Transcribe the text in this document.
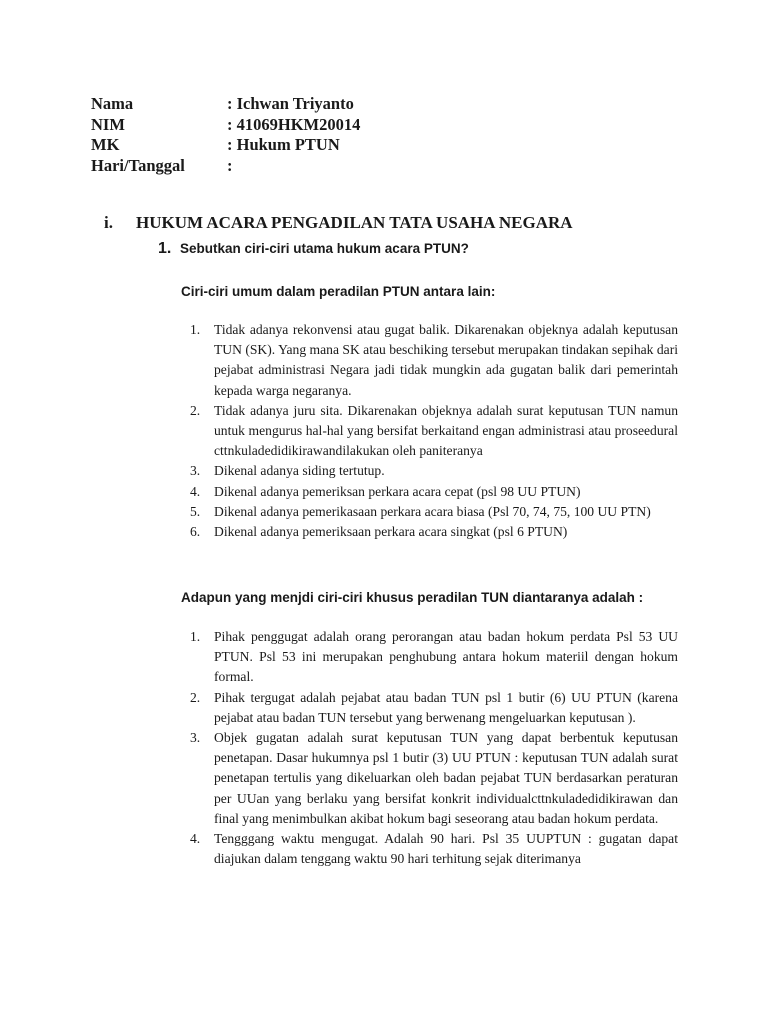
Nama	: Ichwan Triyanto
NIM	: 41069HKM20014
MK	: Hukum PTUN
Hari/Tanggal	:
i. HUKUM ACARA PENGADILAN TATA USAHA NEGARA
1. Sebutkan ciri-ciri utama hukum acara PTUN?
Ciri-ciri umum dalam peradilan PTUN antara lain:
1. Tidak adanya rekonvensi atau gugat balik. Dikarenakan objeknya adalah keputusan TUN (SK). Yang mana SK atau beschiking tersebut merupakan tindakan sepihak dari pejabat administrasi Negara jadi tidak mungkin ada gugatan balik dari pemerintah kepada warga negaranya.
2. Tidak adanya juru sita. Dikarenakan objeknya adalah surat keputusan TUN namun untuk mengurus hal-hal yang bersifat berkaitand engan administrasi atau proseedural cttnkuladedidikirawandilakukan oleh paniteranya
3. Dikenal adanya siding tertutup.
4. Dikenal adanya pemeriksan perkara acara cepat (psl 98 UU PTUN)
5. Dikenal adanya pemerikasaan perkara acara biasa (Psl 70, 74, 75, 100 UU PTN)
6. Dikenal adanya pemeriksaan perkara acara singkat (psl 6 PTUN)
Adapun yang menjdi ciri-ciri khusus peradilan TUN diantaranya adalah :
1. Pihak penggugat adalah orang perorangan atau badan hokum perdata Psl 53 UU PTUN. Psl 53 ini merupakan penghubung antara hokum materiil dengan hokum formal.
2. Pihak tergugat adalah pejabat atau badan TUN psl 1 butir (6) UU PTUN (karena pejabat atau badan TUN tersebut yang berwenang mengeluarkan keputusan ).
3. Objek gugatan adalah surat keputusan TUN yang dapat berbentuk keputusan penetapan. Dasar hukumnya psl 1 butir (3) UU PTUN : keputusan TUN adalah surat penetapan tertulis yang dikeluarkan oleh badan pejabat TUN berdasarkan peraturan per UUan yang berlaku yang bersifat konkrit individualcttnkuladedidikirawan dan final yang menimbulkan akibat hokum bagi seseorang atau badan hokum perdata.
4. Tengggang waktu mengugat. Adalah 90 hari. Psl 35 UUPTUN : gugatan dapat diajukan dalam tenggang waktu 90 hari terhitung sejak diterimanya
